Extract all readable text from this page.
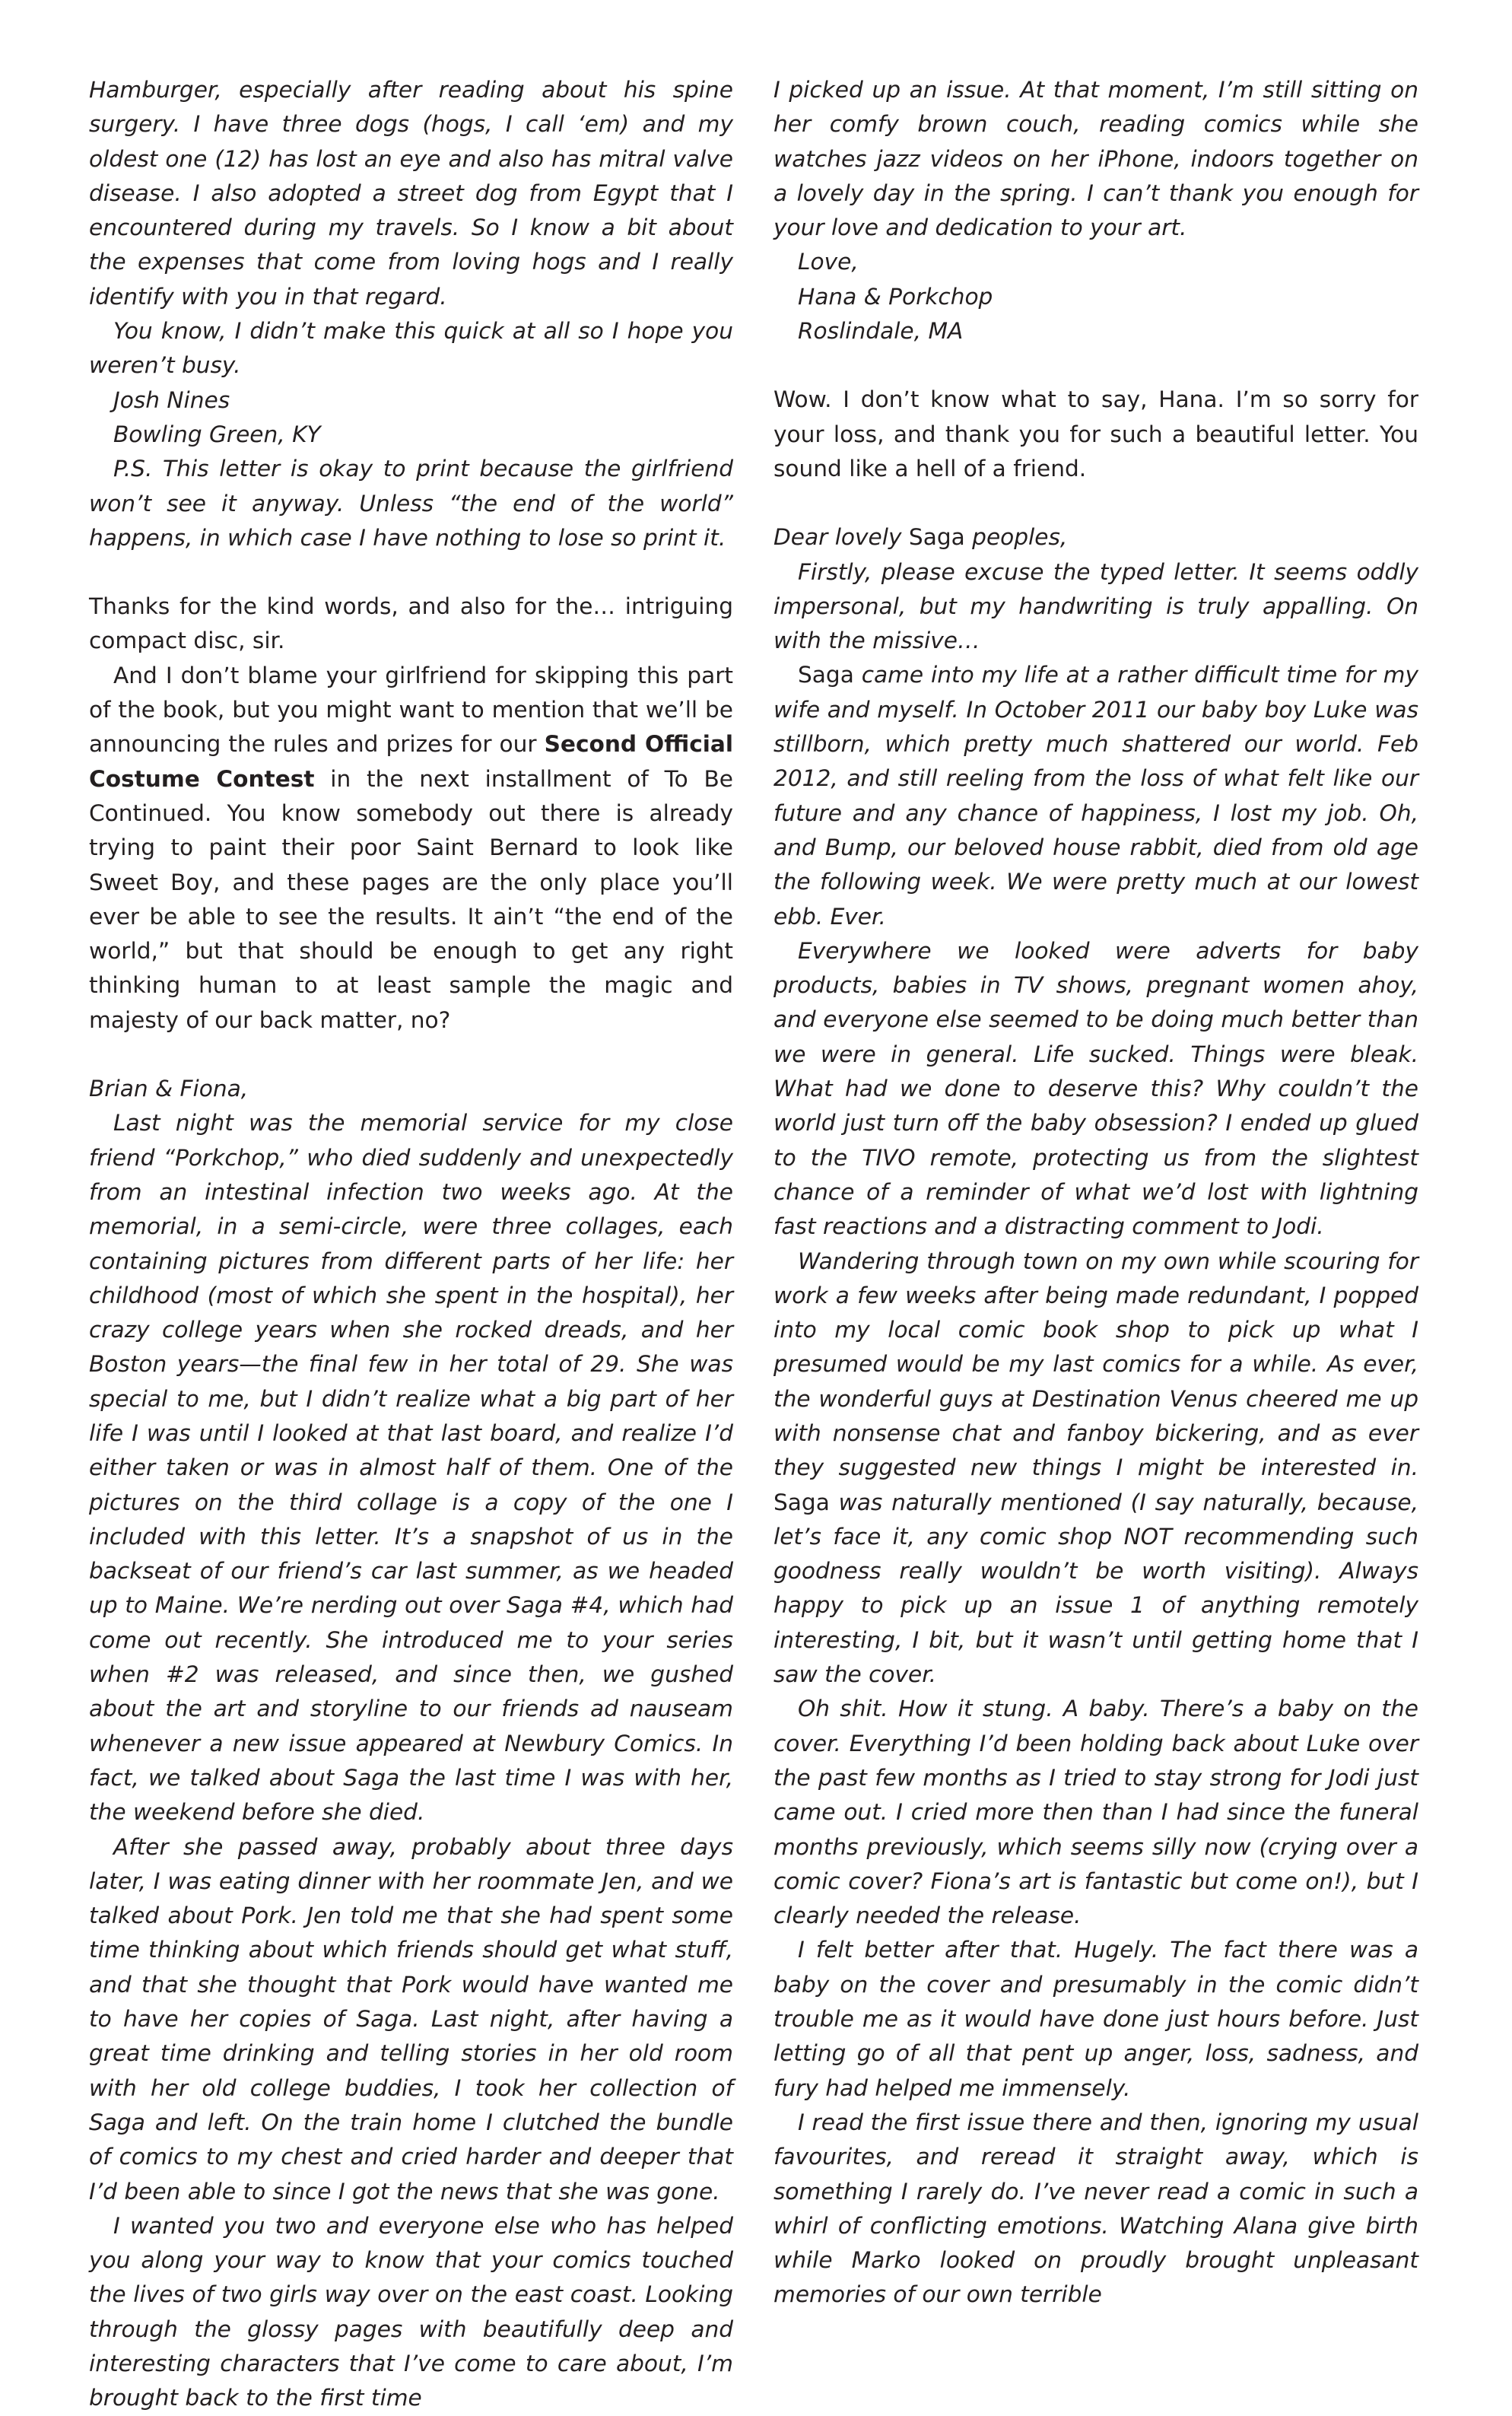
Hamburger, especially after reading about his spine surgery. I have three dogs (hogs, I call ‘em) and my oldest one (12) has lost an eye and also has mitral valve disease. I also adopted a street dog from Egypt that I encountered during my travels. So I know a bit about the expenses that come from loving hogs and I really identify with you in that regard.

You know, I didn’t make this quick at all so I hope you weren’t busy.

Josh Nines

Bowling Green, KY

P.S. This letter is okay to print because the girlfriend won’t see it anyway. Unless “the end of the world” happens, in which case I have nothing to lose so print it.

Thanks for the kind words, and also for the… intriguing compact disc, sir.

And I don’t blame your girlfriend for skipping this part of the book, but you might want to mention that we’ll be announcing the rules and prizes for our Second Official Costume Contest in the next installment of To Be Continued. You know somebody out there is already trying to paint their poor Saint Bernard to look like Sweet Boy, and these pages are the only place you’ll ever be able to see the results. It ain’t “the end of the world,” but that should be enough to get any right thinking human to at least sample the magic and majesty of our back matter, no?

Brian & Fiona,

Last night was the memorial service for my close friend “Porkchop,” who died suddenly and unexpectedly from an intestinal infection two weeks ago. At the memorial, in a semi-circle, were three collages, each containing pictures from different parts of her life: her childhood (most of which she spent in the hospital), her crazy college years when she rocked dreads, and her Boston years—the final few in her total of 29. She was special to me, but I didn’t realize what a big part of her life I was until I looked at that last board, and realize I’d either taken or was in almost half of them. One of the pictures on the third collage is a copy of the one I included with this letter. It’s a snapshot of us in the backseat of our friend’s car last summer, as we headed up to Maine. We’re nerding out over Saga #4, which had come out recently. She introduced me to your series when #2 was released, and since then, we gushed about the art and storyline to our friends ad nauseam whenever a new issue appeared at Newbury Comics. In fact, we talked about Saga the last time I was with her, the weekend before she died.

After she passed away, probably about three days later, I was eating dinner with her roommate Jen, and we talked about Pork. Jen told me that she had spent some time thinking about which friends should get what stuff, and that she thought that Pork would have wanted me to have her copies of Saga. Last night, after having a great time drinking and telling stories in her old room with her old college buddies, I took her collection of Saga and left. On the train home I clutched the bundle of comics to my chest and cried harder and deeper that I’d been able to since I got the news that she was gone.

I wanted you two and everyone else who has helped you along your way to know that your comics touched the lives of two girls way over on the east coast. Looking through the glossy pages with beautifully deep and interesting characters that I’ve come to care about, I’m brought back to the first time

I picked up an issue. At that moment, I’m still sitting on her comfy brown couch, reading comics while she watches jazz videos on her iPhone, indoors together on a lovely day in the spring. I can’t thank you enough for your love and dedication to your art.

Love,

Hana & Porkchop

Roslindale, MA

Wow. I don’t know what to say, Hana. I’m so sorry for your loss, and thank you for such a beautiful letter. You sound like a hell of a friend.

Dear lovely Saga peoples,

Firstly, please excuse the typed letter. It seems oddly impersonal, but my handwriting is truly appalling. On with the missive…

Saga came into my life at a rather difficult time for my wife and myself. In October 2011 our baby boy Luke was stillborn, which pretty much shattered our world. Feb 2012, and still reeling from the loss of what felt like our future and any chance of happiness, I lost my job. Oh, and Bump, our beloved house rabbit, died from old age the following week. We were pretty much at our lowest ebb. Ever.

Everywhere we looked were adverts for baby products, babies in TV shows, pregnant women ahoy, and everyone else seemed to be doing much better than we were in general. Life sucked. Things were bleak. What had we done to deserve this? Why couldn’t the world just turn off the baby obsession? I ended up glued to the TIVO remote, protecting us from the slightest chance of a reminder of what we’d lost with lightning fast reactions and a distracting comment to Jodi.

Wandering through town on my own while scouring for work a few weeks after being made redundant, I popped into my local comic book shop to pick up what I presumed would be my last comics for a while. As ever, the wonderful guys at Destination Venus cheered me up with nonsense chat and fanboy bickering, and as ever they suggested new things I might be interested in. Saga was naturally mentioned (I say naturally, because, let’s face it, any comic shop NOT recommending such goodness really wouldn’t be worth visiting). Always happy to pick up an issue 1 of anything remotely interesting, I bit, but it wasn’t until getting home that I saw the cover.

Oh shit. How it stung. A baby. There’s a baby on the cover. Everything I’d been holding back about Luke over the past few months as I tried to stay strong for Jodi just came out. I cried more then than I had since the funeral months previously, which seems silly now (crying over a comic cover? Fiona’s art is fantastic but come on!), but I clearly needed the release.

I felt better after that. Hugely. The fact there was a baby on the cover and presumably in the comic didn’t trouble me as it would have done just hours before. Just letting go of all that pent up anger, loss, sadness, and fury had helped me immensely.

I read the first issue there and then, ignoring my usual favourites, and reread it straight away, which is something I rarely do. I’ve never read a comic in such a whirl of conflicting emotions. Watching Alana give birth while Marko looked on proudly brought unpleasant memories of our own terrible
